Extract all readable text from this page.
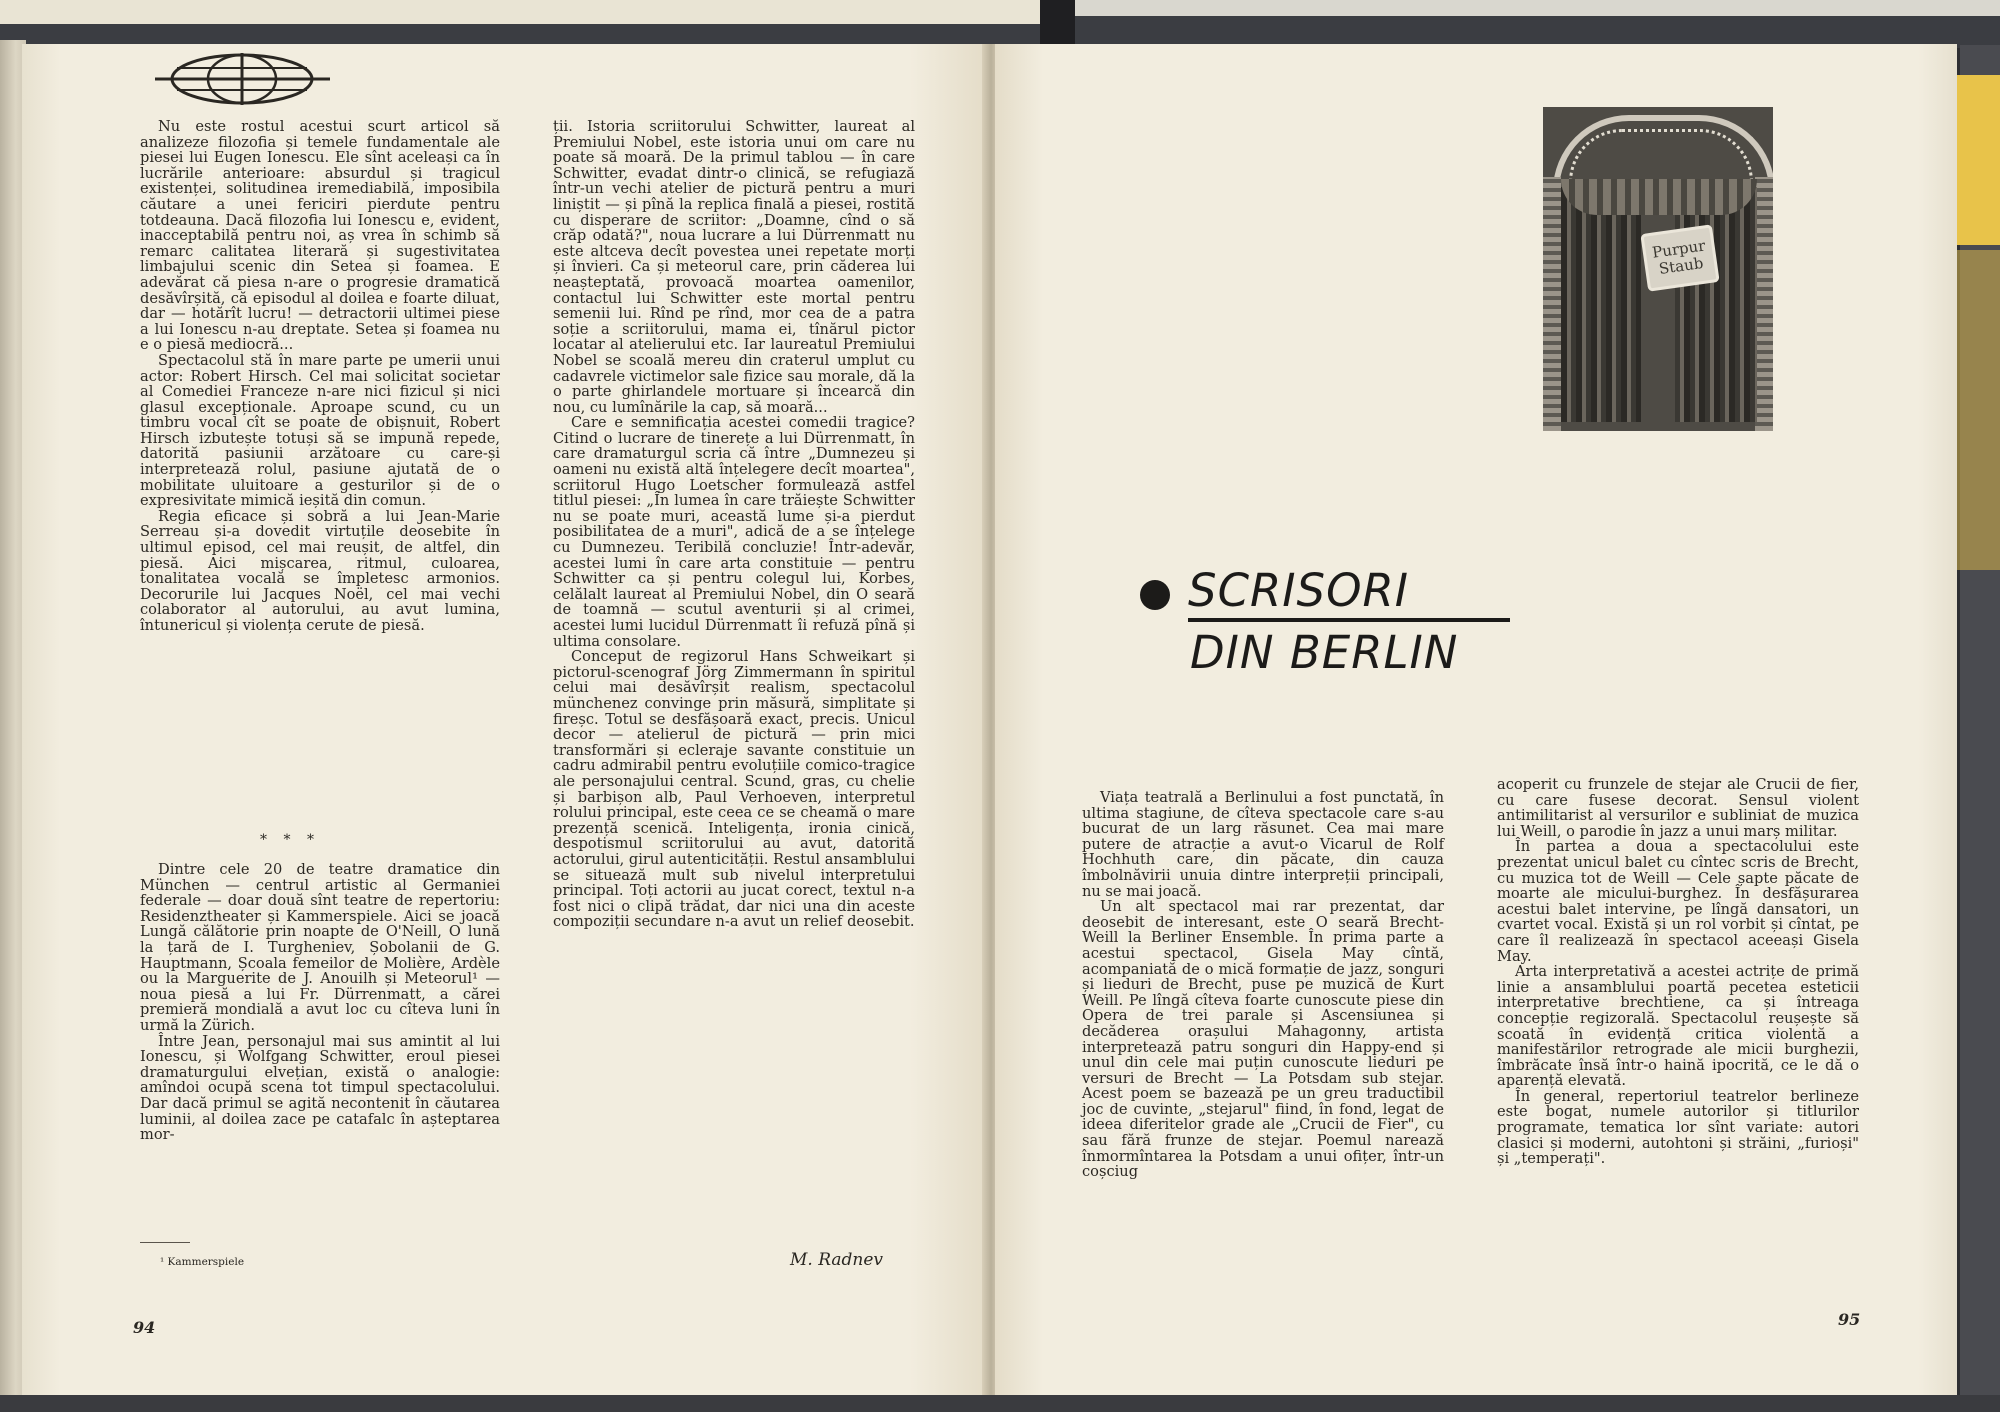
Nu este rostul acestui scurt articol să analizeze filozofia și temele fundamentale ale piesei lui Eugen Ionescu. Ele sînt aceleași ca în lucrările anterioare: absurdul și tragicul existenței, solitudinea iremediabilă, imposibila căutare a unei fericiri pierdute pentru totdeauna. Dacă filozofia lui Ionescu e, evident, inacceptabilă pentru noi, aș vrea în schimb să remarc calitatea literară și sugestivitatea limbajului scenic din Setea și foamea. E adevărat că piesa n-are o progresie dramatică desăvîrșită, că episodul al doilea e foarte diluat, dar — hotărît lucru! — detractorii ultimei piese a lui Ionescu n-au dreptate. Setea și foamea nu e o piesă mediocră...

Spectacolul stă în mare parte pe umerii unui actor: Robert Hirsch. Cel mai solicitat societar al Comediei Franceze n-are nici fizicul și nici glasul excepționale. Aproape scund, cu un timbru vocal cît se poate de obișnuit, Robert Hirsch izbutește totuși să se impună repede, datorită pasiunii arzătoare cu care-și interpretează rolul, pasiune ajutată de o mobilitate uluitoare a gesturilor și de o expresivitate mimică ieșită din comun.

Regia eficace și sobră a lui Jean-Marie Serreau și-a dovedit virtuțile deosebite în ultimul episod, cel mai reușit, de altfel, din piesă. Aici mișcarea, ritmul, culoarea, tonalitatea vocală se împletesc armonios. Decorurile lui Jacques Noël, cel mai vechi colaborator al autorului, au avut lumina, întunericul și violența cerute de piesă.

* * *

Dintre cele 20 de teatre dramatice din München — centrul artistic al Germaniei federale — doar două sînt teatre de repertoriu: Residenztheater și Kammerspiele. Aici se joacă Lungă călătorie prin noapte de O'Neill, O lună la țară de I. Turgheniev, Șobolanii de G. Hauptmann, Școala femeilor de Molière, Ardèle ou la Marguerite de J. Anouilh și Meteorul¹ — noua piesă a lui Fr. Dürrenmatt, a cărei premieră mondială a avut loc cu cîteva luni în urmă la Zürich.

Între Jean, personajul mai sus amintit al lui Ionescu, și Wolfgang Schwitter, eroul piesei dramaturgului elvețian, există o analogie: amîndoi ocupă scena tot timpul spectacolului. Dar dacă primul se agită necontenit în căutarea luminii, al doilea zace pe catafalc în așteptarea mor-

¹ Kammerspiele
94

ții. Istoria scriitorului Schwitter, laureat al Premiului Nobel, este istoria unui om care nu poate să moară. De la primul tablou — în care Schwitter, evadat dintr-o clinică, se refugiază într-un vechi atelier de pictură pentru a muri liniștit — și pînă la replica finală a piesei, rostită cu disperare de scriitor: „Doamne, cînd o să crăp odată?", noua lucrare a lui Dürrenmatt nu este altceva decît povestea unei repetate morți și învieri. Ca și meteorul care, prin căderea lui neașteptată, provoacă moartea oamenilor, contactul lui Schwitter este mortal pentru semenii lui. Rînd pe rînd, mor cea de a patra soție a scriitorului, mama ei, tînărul pictor locatar al atelierului etc. Iar laureatul Premiului Nobel se scoală mereu din craterul umplut cu cadavrele victimelor sale fizice sau morale, dă la o parte ghirlandele mortuare și încearcă din nou, cu lumînările la cap, să moară...

Care e semnificația acestei comedii tragice? Citind o lucrare de tinerețe a lui Dürrenmatt, în care dramaturgul scria că între „Dumnezeu și oameni nu există altă înțelegere decît moartea", scriitorul Hugo Loetscher formulează astfel titlul piesei: „În lumea în care trăiește Schwitter nu se poate muri, această lume și-a pierdut posibilitatea de a muri", adică de a se înțelege cu Dumnezeu. Teribilă concluzie! Într-adevăr, acestei lumi în care arta constituie — pentru Schwitter ca și pentru colegul lui, Korbes, celălalt laureat al Premiului Nobel, din O seară de toamnă — scutul aventurii și al crimei, acestei lumi lucidul Dürrenmatt îi refuză pînă și ultima consolare.

Conceput de regizorul Hans Schweikart și pictorul-scenograf Jörg Zimmermann în spiritul celui mai desăvîrșit realism, spectacolul münchenez convinge prin măsură, simplitate și fireșc. Totul se desfășoară exact, precis. Unicul decor — atelierul de pictură — prin mici transformări și ecleraje savante constituie un cadru admirabil pentru evoluțiile comico-tragice ale personajului central. Scund, gras, cu chelie și barbișon alb, Paul Verhoeven, interpretul rolului principal, este ceea ce se cheamă o mare prezență scenică. Inteligența, ironia cinică, despotismul scriitorului au avut, datorită actorului, girul autenticității. Restul ansamblului se situează mult sub nivelul interpretului principal. Toți actorii au jucat corect, textul n-a fost nici o clipă trădat, dar nici una din aceste compoziții secundare n-a avut un relief deosebit.

M. Radnev
Purpur Staub
SCRISORI
DIN BERLIN

Viața teatrală a Berlinului a fost punctată, în ultima stagiune, de cîteva spectacole care s-au bucurat de un larg răsunet. Cea mai mare putere de atracție a avut-o Vicarul de Rolf Hochhuth care, din păcate, din cauza îmbolnăvirii unuia dintre interpreții principali, nu se mai joacă.

Un alt spectacol mai rar prezentat, dar deosebit de interesant, este O seară Brecht-Weill la Berliner Ensemble. În prima parte a acestui spectacol, Gisela May cîntă, acompaniată de o mică formație de jazz, songuri și lieduri de Brecht, puse pe muzică de Kurt Weill. Pe lîngă cîteva foarte cunoscute piese din Opera de trei parale și Ascensiunea și decăderea orașului Mahagonny, artista interpretează patru songuri din Happy-end și unul din cele mai puțin cunoscute lieduri pe versuri de Brecht — La Potsdam sub stejar. Acest poem se bazează pe un greu traductibil joc de cuvinte, „stejarul" fiind, în fond, legat de ideea diferitelor grade ale „Crucii de Fier", cu sau fără frunze de stejar. Poemul narează înmormîntarea la Potsdam a unui ofițer, într-un coșciug

acoperit cu frunzele de stejar ale Crucii de fier, cu care fusese decorat. Sensul violent antimilitarist al versurilor e subliniat de muzica lui Weill, o parodie în jazz a unui marș militar.

În partea a doua a spectacolului este prezentat unicul balet cu cîntec scris de Brecht, cu muzica tot de Weill — Cele șapte păcate de moarte ale micului-burghez. În desfășurarea acestui balet intervine, pe lîngă dansatori, un cvartet vocal. Există și un rol vorbit și cîntat, pe care îl realizează în spectacol aceeași Gisela May.

Arta interpretativă a acestei actrițe de primă linie a ansamblului poartă pecetea esteticii interpretative brechtiene, ca și întreaga concepție regizorală. Spectacolul reușește să scoată în evidență critica violentă a manifestărilor retrograde ale micii burghezii, îmbrăcate însă într-o haină ipocrită, ce le dă o aparență elevată.

În general, repertoriul teatrelor berlineze este bogat, numele autorilor și titlurilor programate, tematica lor sînt variate: autori clasici și moderni, autohtoni și străini, „furioși" și „temperați".

95
